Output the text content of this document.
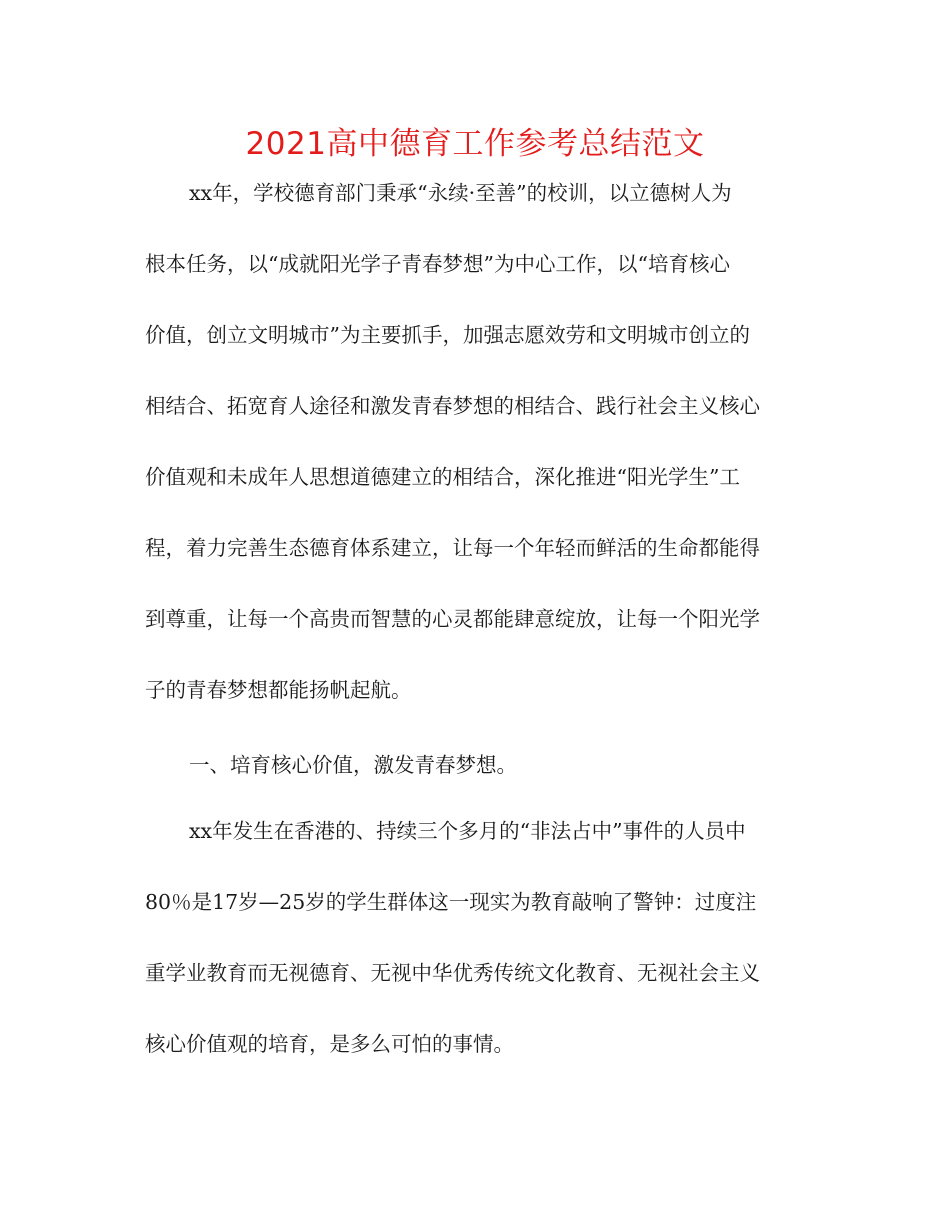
2021高中德育工作参考总结范文
xx年，学校德育部门秉承“永续·至善”的校训，以立德树人为
根本任务，以“成就阳光学子青春梦想”为中心工作，以“培育核心
价值，创立文明城市”为主要抓手，加强志愿效劳和文明城市创立的
相结合、拓宽育人途径和激发青春梦想的相结合、践行社会主义核心
价值观和未成年人思想道德建立的相结合，深化推进“阳光学生”工
程，着力完善生态德育体系建立，让每一个年轻而鲜活的生命都能得
到尊重，让每一个高贵而智慧的心灵都能肆意绽放，让每一个阳光学
子的青春梦想都能扬帆起航。
一、培育核心价值，激发青春梦想。
xx年发生在香港的、持续三个多月的“非法占中”事件的人员中
80％是17岁—25岁的学生群体这一现实为教育敲响了警钟：过度注
重学业教育而无视德育、无视中华优秀传统文化教育、无视社会主义
核心价值观的培育，是多么可怕的事情。
